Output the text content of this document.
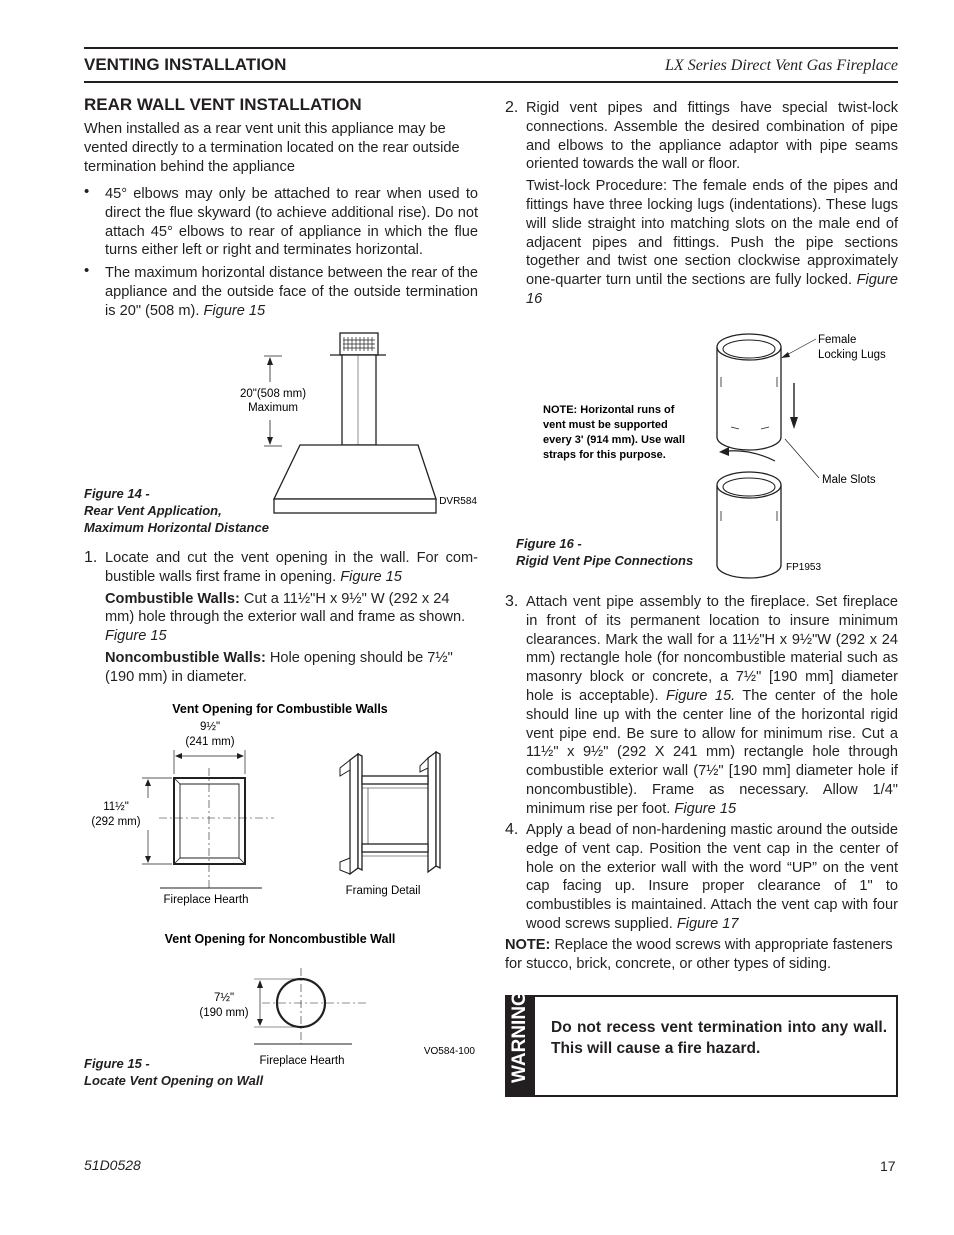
VENTING INSTALLATION	LX Series Direct Vent Gas Fireplace
REAR WALL VENT INSTALLATION

When installed as a rear vent unit this appliance may be vented directly to a termination located on the rear outside termination behind the appliance

• 45° elbows may only be attached to rear when used to direct the flue skyward (to achieve additional rise). Do not attach 45° elbows to rear of appliance in which the flue turns either left or right and terminates horizontal.

• The maximum horizontal distance between the rear of the appliance and the outside face of the outside termination is 20" (508 m). Figure 15

20"(508 mm)
Maximum
DVR584
Figure 14 -
Rear Vent Application,
Maximum Horizontal Distance
1. Locate and cut the vent opening in the wall. For com-bustible walls first frame in opening. Figure 15

Combustible Walls: Cut a 11½"H x 9½" W (292 x 24 mm) hole through the exterior wall and frame as shown. Figure 15

Noncombustible Walls: Hole opening should be 7½" (190 mm) in diameter.

Vent Opening for Combustible Walls
9½"
(241 mm)
11½"
(292 mm)
Fireplace Hearth
Framing Detail
Vent Opening for Noncombustible Wall
7½"
(190 mm)
Fireplace Hearth
VO584-100
Figure 15 -
Locate Vent Opening on Wall
2. Rigid vent pipes and fittings have special twist-lock connections. Assemble the desired combination of pipe and elbows to the appliance adaptor with pipe seams oriented towards the wall or floor.

Twist-lock Procedure: The female ends of the pipes and fittings have three locking lugs (indentations). These lugs will slide straight into matching slots on the male end of adjacent pipes and fittings. Push the pipe sections together and twist one section clockwise approximately one-quarter turn until the sections are fully locked. Figure 16

Female
Locking Lugs
Male Slots
NOTE: Horizontal runs of
vent must be supported
every 3' (914 mm). Use wall
straps for this purpose.
FP1953
Figure 16 -
Rigid Vent Pipe Connections
3. Attach vent pipe assembly to the fireplace. Set fireplace in front of its permanent location to insure minimum clearances. Mark the wall for a 11½"H x 9½"W (292 x 24 mm) rectangle hole (for noncombustible material such as masonry block or concrete, a 7½" [190 mm] diameter hole is acceptable). Figure 15. The center of the hole should line up with the center line of the horizontal rigid vent pipe end. Be sure to allow for minimum rise. Cut a 11½" x 9½" (292 X 241 mm) rectangle hole through combustible exterior wall (7½" [190 mm] diameter hole if noncombustible). Frame as necessary. Allow 1/4" minimum rise per foot. Figure 15

4. Apply a bead of non-hardening mastic around the outside edge of vent cap. Position the vent cap in the center of hole on the exterior wall with the word “UP” on the vent cap facing up. Insure proper clearance of 1" to combustibles is maintained. Attach the vent cap with four wood screws supplied. Figure 17

NOTE: Replace the wood screws with appropriate fasteners for stucco, brick, concrete, or other types of siding.

WARNING Do not recess vent termination into any wall. This will cause a fire hazard.
51D0528	17
